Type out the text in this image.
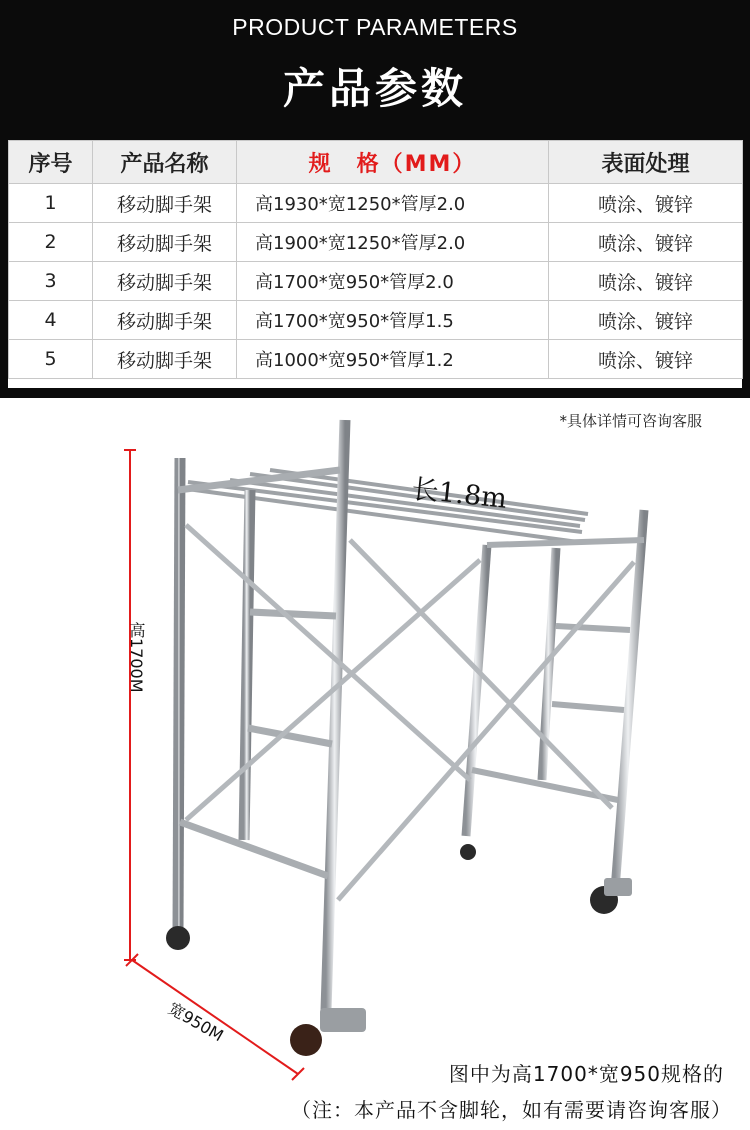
PRODUCT PARAMETERS
产品参数
序号	产品名称	规　格（MM）	表面处理
1	移动脚手架	高1930*宽1250*管厚2.0	喷涂、镀锌
2	移动脚手架	高1900*宽1250*管厚2.0	喷涂、镀锌
3	移动脚手架	高1700*宽950*管厚2.0	喷涂、镀锌
4	移动脚手架	高1700*宽950*管厚1.5	喷涂、镀锌
5	移动脚手架	高1000*宽950*管厚1.2	喷涂、镀锌
*具体详情可咨询客服
长1.8m
高1700M
宽950M
图中为高1700*宽950规格的
（注：本产品不含脚轮，如有需要请咨询客服）
